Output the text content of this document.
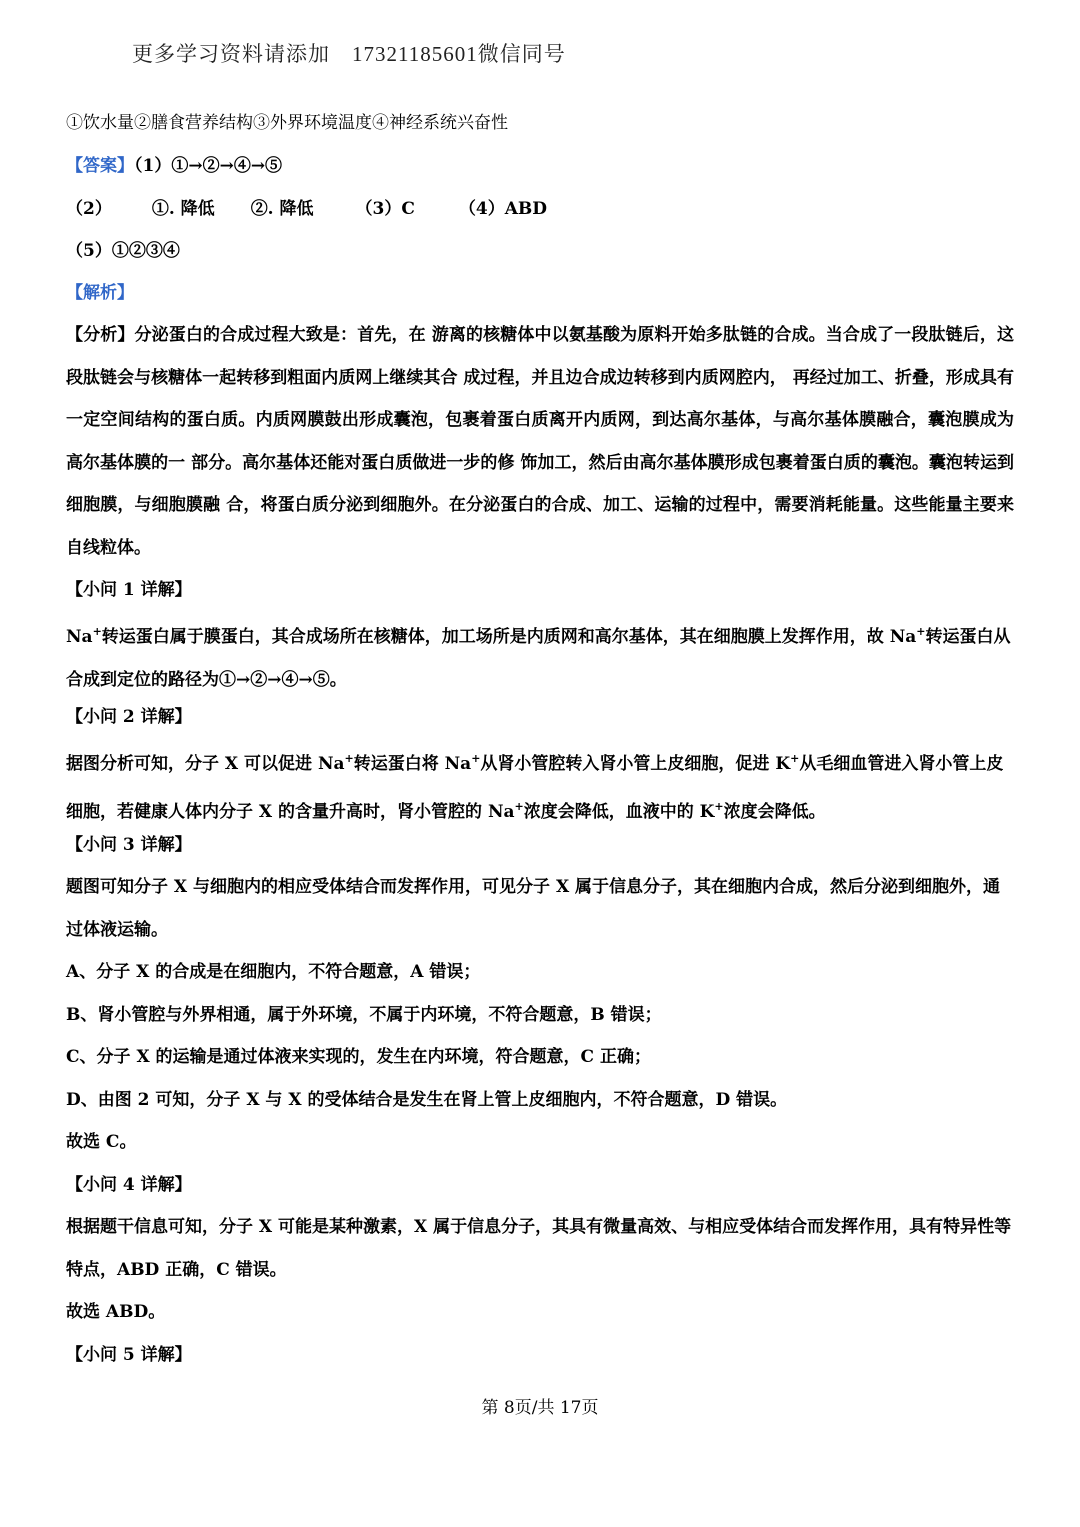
更多学习资料请添加 17321185601微信同号
①饮水量②膳食营养结构③外界环境温度④神经系统兴奋性
【答案】（1）①→②→④→⑤
（2） ①. 降低 ②. 降低 （3）C	（4）ABD
（5）①②③④
【解析】
【分析】分泌蛋白的合成过程大致是：首先，在 游离的核糖体中以氨基酸为原料开始多肽链的合成。当合成了一段肽链后，这段肽链会与核糖体一起转移到粗面内质网上继续其合 成过程，并且边合成边转移到内质网腔内， 再经过加工、折叠，形成具有一定空间结构的蛋白质。内质网膜鼓出形成囊泡，包裹着蛋白质离开内质网，到达高尔基体，与高尔基体膜融合，囊泡膜成为高尔基体膜的一 部分。高尔基体还能对蛋白质做进一步的修 饰加工，然后由高尔基体膜形成包裹着蛋白质的囊泡。囊泡转运到细胞膜，与细胞膜融 合，将蛋白质分泌到细胞外。在分泌蛋白的合成、加工、运输的过程中，需要消耗能量。这些能量主要来自线粒体。
【小问 1 详解】
Na+转运蛋白属于膜蛋白，其合成场所在核糖体，加工场所是内质网和高尔基体，其在细胞膜上发挥作用，故 Na+转运蛋白从合成到定位的路径为①→②→④→⑤。
【小问 2 详解】
据图分析可知，分子 X 可以促进 Na+转运蛋白将 Na+从肾小管腔转入肾小管上皮细胞，促进 K+从毛细血管进入肾小管上皮细胞，若健康人体内分子 X 的含量升高时，肾小管腔的 Na+浓度会降低，血液中的 K+浓度会降低。
【小问 3 详解】
题图可知分子 X 与细胞内的相应受体结合而发挥作用，可见分子 X 属于信息分子，其在细胞内合成，然后分泌到细胞外，通过体液运输。
A、分子 X 的合成是在细胞内，不符合题意，A 错误；
B、肾小管腔与外界相通，属于外环境，不属于内环境，不符合题意，B 错误；
C、分子 X 的运输是通过体液来实现的，发生在内环境，符合题意，C 正确；
D、由图 2 可知，分子 X 与 X 的受体结合是发生在肾上管上皮细胞内，不符合题意，D 错误。
故选 C。
【小问 4 详解】
根据题干信息可知，分子 X 可能是某种激素，X 属于信息分子，其具有微量高效、与相应受体结合而发挥作用，具有特异性等特点，ABD 正确，C 错误。
故选 ABD。
【小问 5 详解】
第 8页/共 17页
